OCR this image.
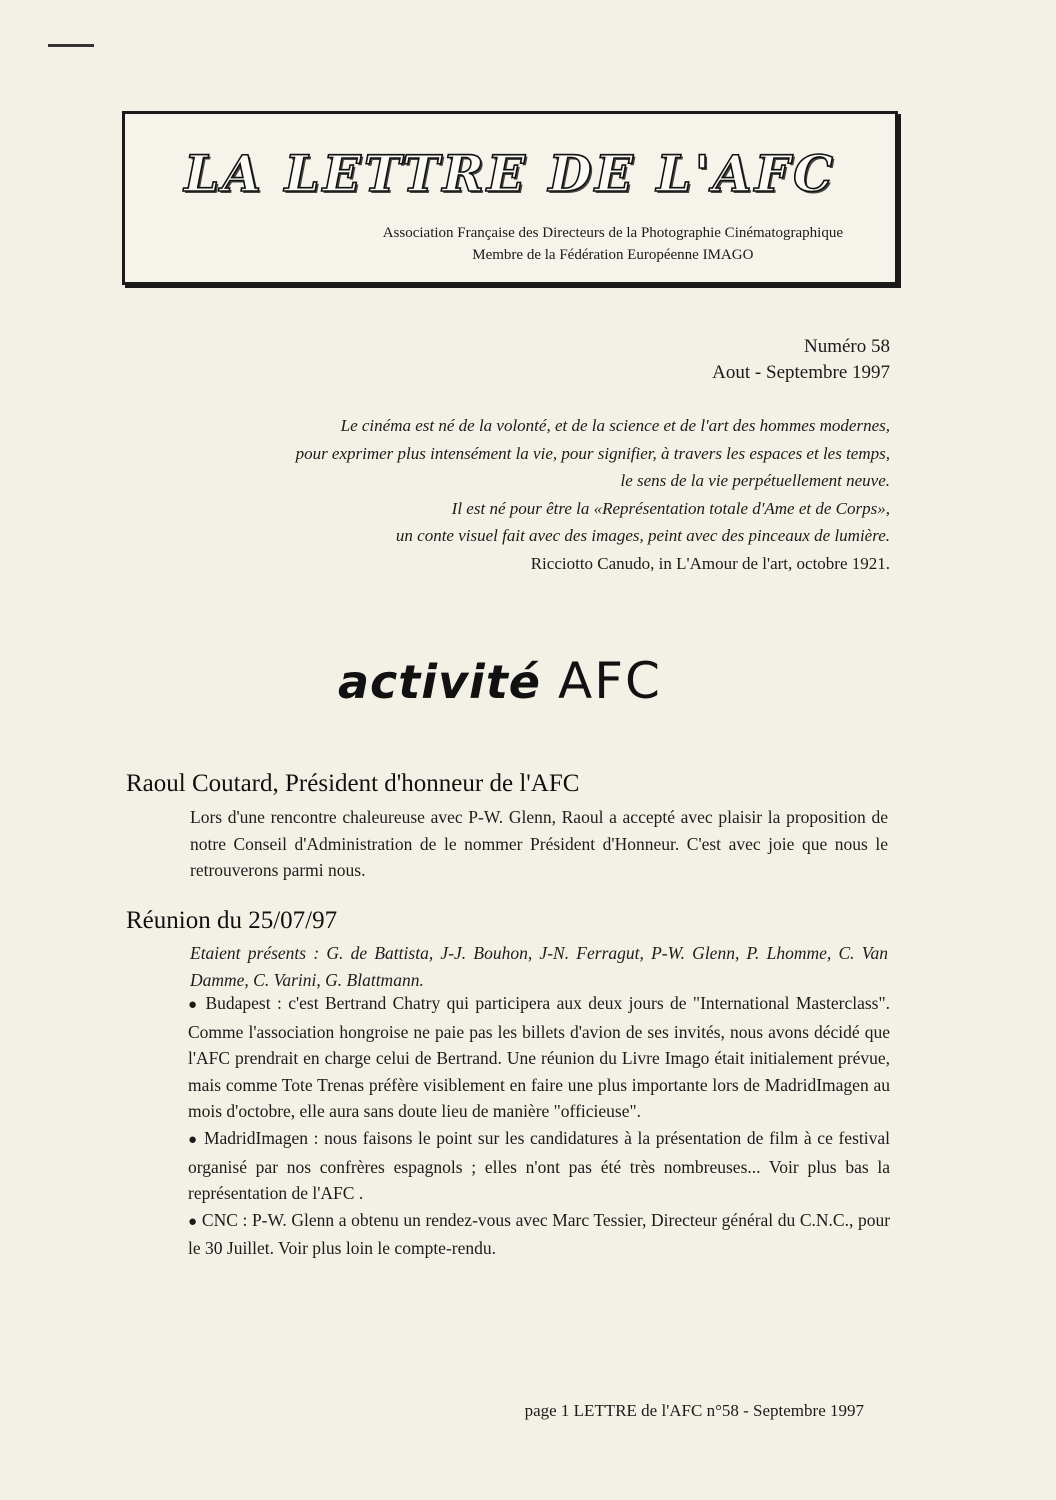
LA LETTRE DE L'AFC
Association Française des Directeurs de la Photographie Cinématographique
Membre de la Fédération Européenne IMAGO
Numéro 58
Aout - Septembre 1997
Le cinéma est né de la volonté, et de la science et de l'art des hommes modernes,
pour exprimer plus intensément la vie, pour signifier, à travers les espaces et les temps,
le sens de la vie perpétuellement neuve.
Il est né pour être la «Représentation totale d'Ame et de Corps»,
un conte visuel fait avec des images, peint avec des pinceaux de lumière.
Ricciotto Canudo, in L'Amour de l'art, octobre 1921.
activité AFC
Raoul Coutard, Président d'honneur de l'AFC
Lors d'une rencontre chaleureuse avec P-W. Glenn, Raoul a accepté avec plaisir la proposition de notre Conseil d'Administration de le nommer Président d'Honneur. C'est avec joie que nous le retrouverons parmi nous.
Réunion du 25/07/97
Etaient présents : G. de Battista, J-J. Bouhon, J-N. Ferragut, P-W. Glenn, P. Lhomme, C. Van Damme, C. Varini, G. Blattmann.

● Budapest : c'est Bertrand Chatry qui participera aux deux jours de "International Masterclass". Comme l'association hongroise ne paie pas les billets d'avion de ses invités, nous avons décidé que l'AFC prendrait en charge celui de Bertrand. Une réunion du Livre Imago était initialement prévue, mais comme Tote Trenas préfère visiblement en faire une plus importante lors de MadridImagen au mois d'octobre, elle aura sans doute lieu de manière "officieuse".

● MadridImagen : nous faisons le point sur les candidatures à la présentation de film à ce festival organisé par nos confrères espagnols ; elles n'ont pas été très nombreuses... Voir plus bas la représentation de l'AFC .

● CNC : P-W. Glenn a obtenu un rendez-vous avec Marc Tessier, Directeur général du C.N.C., pour le 30 Juillet. Voir plus loin le compte-rendu.

page 1 LETTRE de l'AFC n°58 - Septembre 1997
